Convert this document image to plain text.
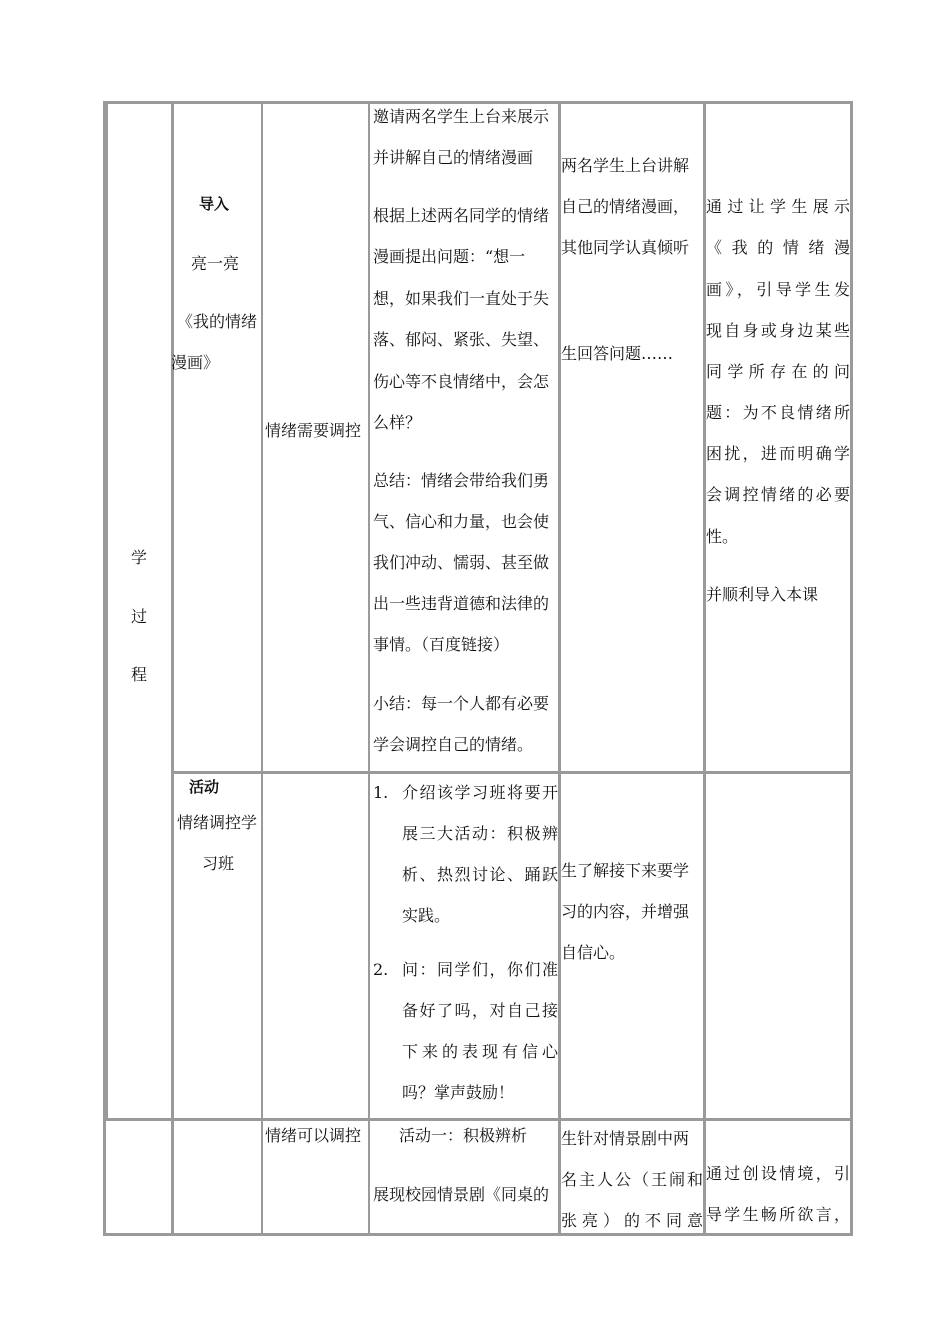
学
过
程
导入
亮一亮
《我的情绪
漫画》
情绪需要调控
邀请两名学生上台来展示
并讲解自己的情绪漫画
根据上述两名同学的情绪
漫画提出问题：“想一
想，如果我们一直处于失
落、郁闷、紧张、失望、
伤心等不良情绪中，会怎
么样？
总结：情绪会带给我们勇
气、信心和力量，也会使
我们冲动、懦弱、甚至做
出一些违背道德和法律的
事情。（百度链接）
小结：每一个人都有必要
学会调控自己的情绪。
两名学生上台讲解
自己的情绪漫画，
其他同学认真倾听
生回答问题……
通过让学生展示
《我的情绪漫
画》，引导学生发
现自身或身边某些
同学所存在的问
题：为不良情绪所
困扰，进而明确学
会调控情绪的必要
性。
并顺利导入本课
活动
情绪调控学
习班
1. 介绍该学习班将要开
展三大活动：积极辨
析、热烈讨论、踊跃
实践。
2. 问：同学们，你们准
备好了吗，对自己接
下来的表现有信心
吗？掌声鼓励！
生了解接下来要学
习的内容，并增强
自信心。
情绪可以调控 活动一：积极辨析
展现校园情景剧《同桌的
生针对情景剧中两
名主人公（王闹和
张亮）的不同意
通过创设情境，引
导学生畅所欲言，
